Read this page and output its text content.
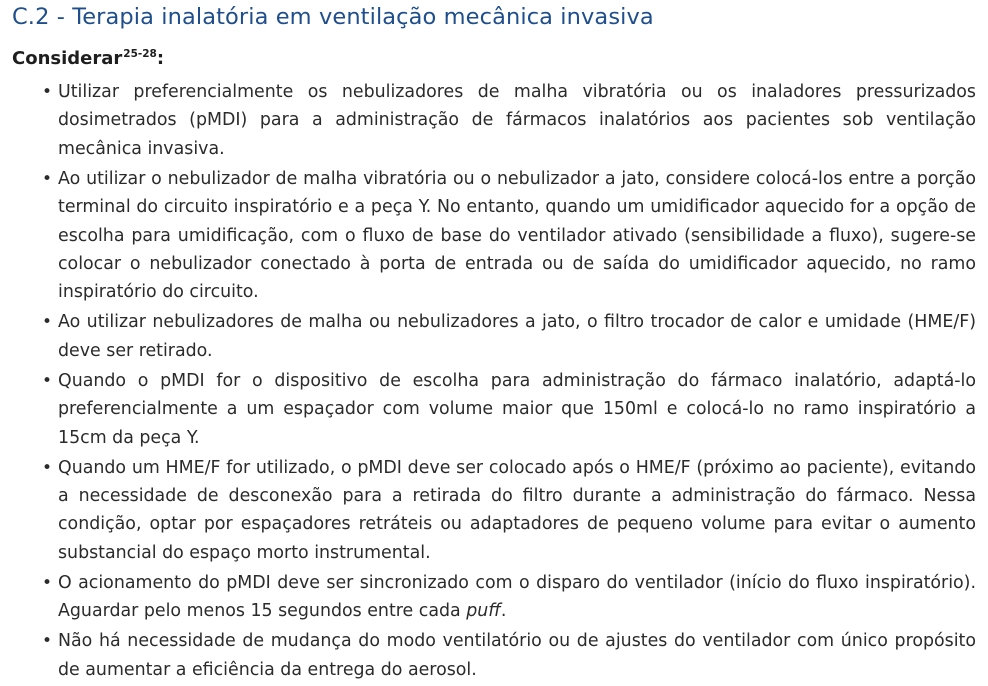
C.2 - Terapia inalatória em ventilação mecânica invasiva
Considerar$^{25-28}$:
• Utilizar preferencialmente os nebulizadores de malha vibratória ou os inaladores pressurizados dosimetrados (pMDI) para a administração de fármacos inalatórios aos pacientes sob ventilação mecânica invasiva.
• Ao utilizar o nebulizador de malha vibratória ou o nebulizador a jato, considere colocá-los entre a porção terminal do circuito inspiratório e a peça Y. No entanto, quando um umidificador aquecido for a opção de escolha para umidificação, com o fluxo de base do ventilador ativado (sensibilidade a fluxo), sugere-se colocar o nebulizador conectado à porta de entrada ou de saída do umidificador aquecido, no ramo inspiratório do circuito.
• Ao utilizar nebulizadores de malha ou nebulizadores a jato, o filtro trocador de calor e umidade (HME/F) deve ser retirado.
• Quando o pMDI for o dispositivo de escolha para administração do fármaco inalatório, adaptá-lo preferencialmente a um espaçador com volume maior que 150ml e colocá-lo no ramo inspiratório a 15cm da peça Y.
• Quando um HME/F for utilizado, o pMDI deve ser colocado após o HME/F (próximo ao paciente), evitando a necessidade de desconexão para a retirada do filtro durante a administração do fármaco. Nessa condição, optar por espaçadores retráteis ou adaptadores de pequeno volume para evitar o aumento substancial do espaço morto instrumental.
• O acionamento do pMDI deve ser sincronizado com o disparo do ventilador (início do fluxo inspiratório). Aguardar pelo menos 15 segundos entre cada puff.
• Não há necessidade de mudança do modo ventilatório ou de ajustes do ventilador com único propósito de aumentar a eficiência da entrega do aerosol.
